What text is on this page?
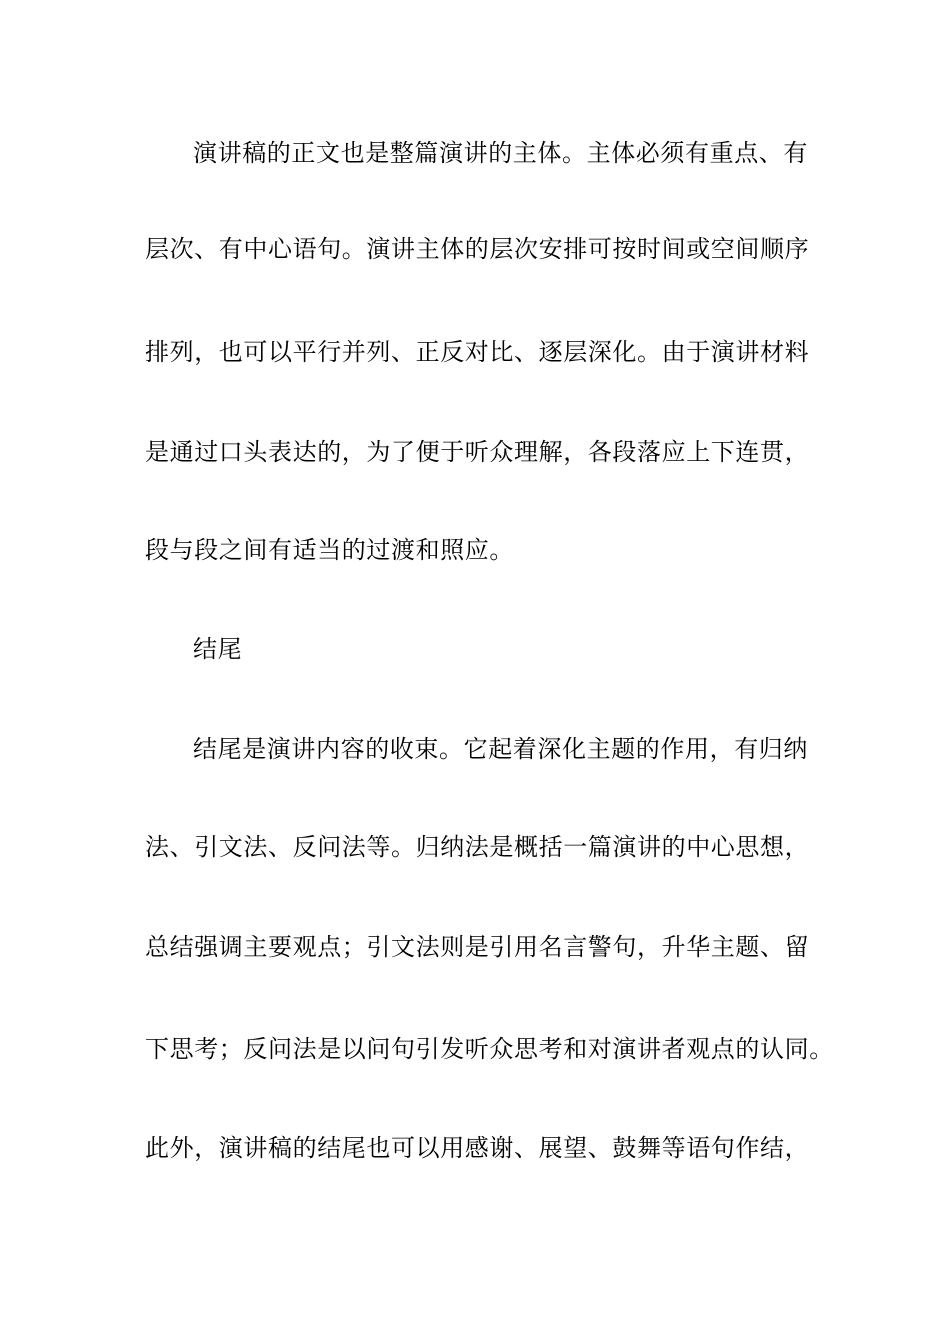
演讲稿的正文也是整篇演讲的主体。主体必须有重点、有
层次、有中心语句。演讲主体的层次安排可按时间或空间顺序
排列，也可以平行并列、正反对比、逐层深化。由于演讲材料
是通过口头表达的，为了便于听众理解，各段落应上下连贯，
段与段之间有适当的过渡和照应。
结尾
结尾是演讲内容的收束。它起着深化主题的作用，有归纳
法、引文法、反问法等。归纳法是概括一篇演讲的中心思想，
总结强调主要观点；引文法则是引用名言警句，升华主题、留
下思考；反问法是以问句引发听众思考和对演讲者观点的认同。
此外，演讲稿的结尾也可以用感谢、展望、鼓舞等语句作结，
